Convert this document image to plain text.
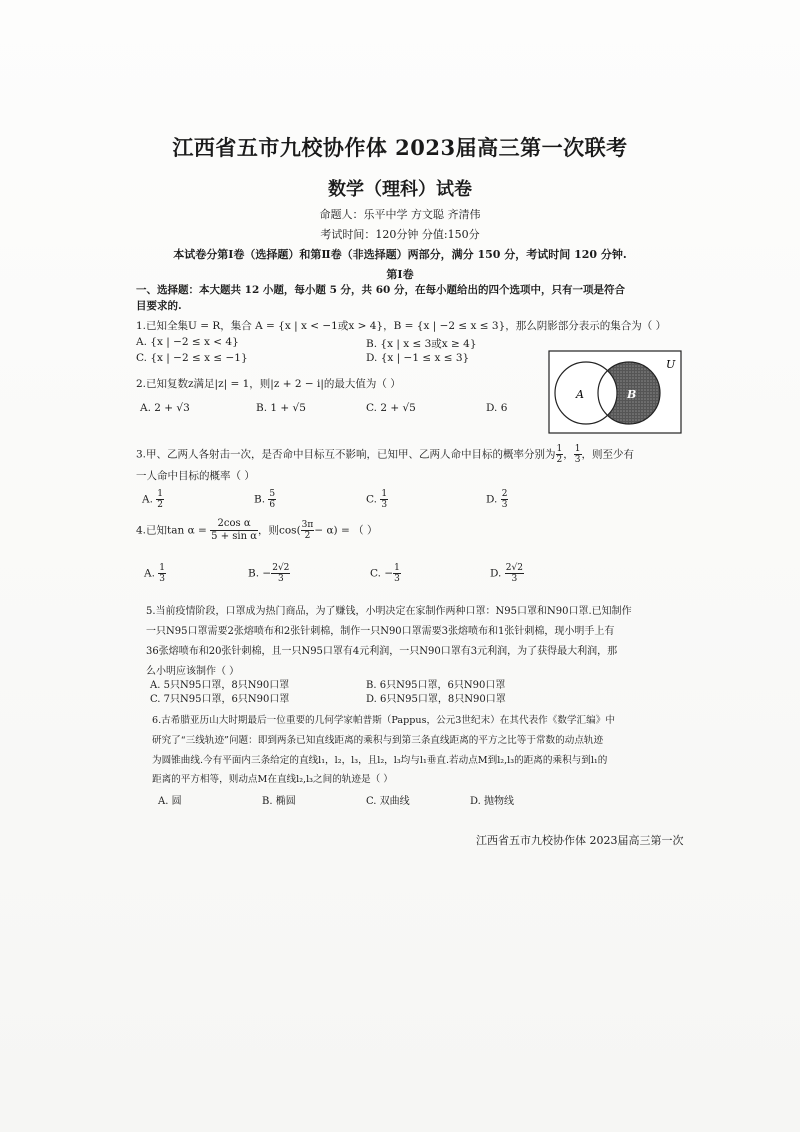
江西省五市九校协作体 2023届高三第一次联考
数学（理科）试卷
命题人：乐平中学 方文聪 齐清伟
考试时间：120分钟 分值:150分
本试卷分第Ⅰ卷（选择题）和第Ⅱ卷（非选择题）两部分，满分 150 分，考试时间 120 分钟.
第Ⅰ卷
一、选择题：本大题共 12 小题，每小题 5 分，共 60 分，在每小题给出的四个选项中，只有一项是符合
目要求的.
1.已知全集U = R，集合 A = {x | x < −1或x > 4}，B = {x | −2 ≤ x ≤ 3}，那么阴影部分表示的集合为（ ）
A. {x | −2 ≤ x < 4}	B. {x | x ≤ 3或x ≥ 4}
C. {x | −2 ≤ x ≤ −1}	D. {x | −1 ≤ x ≤ 3}	U
A	B
2.已知复数z满足|z| = 1，则|z + 2 − i|的最大值为（ ）
A. 2 + √3	B. 1 + √5	C. 2 + √5	D. 6
3.甲、乙两人各射击一次，是否命中目标互不影响，已知甲、乙两人命中目标的概率分别为 $\frac{1}{2}$ ， $\frac{1}{3}$ ，则至少有
一人命中目标的概率（ ）
A. $\frac{1}{2}$	B. $\frac{5}{6}$	C. $\frac{1}{3}$	D. $\frac{2}{3}$
4.已知$\tan \alpha = \frac{\text{2cos α}}{\text{5 + sin α}}$ ，则$\cos( \frac{3\pi}{2} - \alpha)$ = （ ）
A. $\frac{1}{3}$	B. − $\frac{2√2}{3}$	C. − $\frac{1}{3}$	D. $\frac{2√2}{3}$
5.当前疫情阶段，口罩成为热门商品，为了赚钱，小明决定在家制作两种口罩：N95口罩和N90口罩.已知制作
一只N95口罩需要2张熔喷布和2张针刺棉，制作一只N90口罩需要3张熔喷布和1张针刺棉，现小明手上有
36张熔喷布和20张针刺棉，且一只N95口罩有4元利润，一只N90口罩有3元利润，为了获得最大利润，那
么小明应该制作（ ）
A. 5只N95口罩，8只N90口罩	B. 6只N95口罩，6只N90口罩
C. 7只N95口罩，6只N90口罩	D. 6只N95口罩，8只N90口罩
6.古希腊亚历山大时期最后一位重要的几何学家帕普斯（Pappus，公元3世纪末）在其代表作《数学汇编》中
研究了“三线轨迹”问题：即到两条已知直线距离的乘积与到第三条直线距离的平方之比等于常数的动点轨迹
为圆锥曲线.今有平面内三条给定的直线l₁，l₂，l₃，且l₂，l₃均与l₁垂直.若动点M到l₂,l₃的距离的乘积与到l₁的
距离的平方相等，则动点M在直线l₂,l₃之间的轨迹是（ ）
A. 圆	B. 椭圆	C. 双曲线	D. 抛物线
江西省五市九校协作体 2023届高三第一次
